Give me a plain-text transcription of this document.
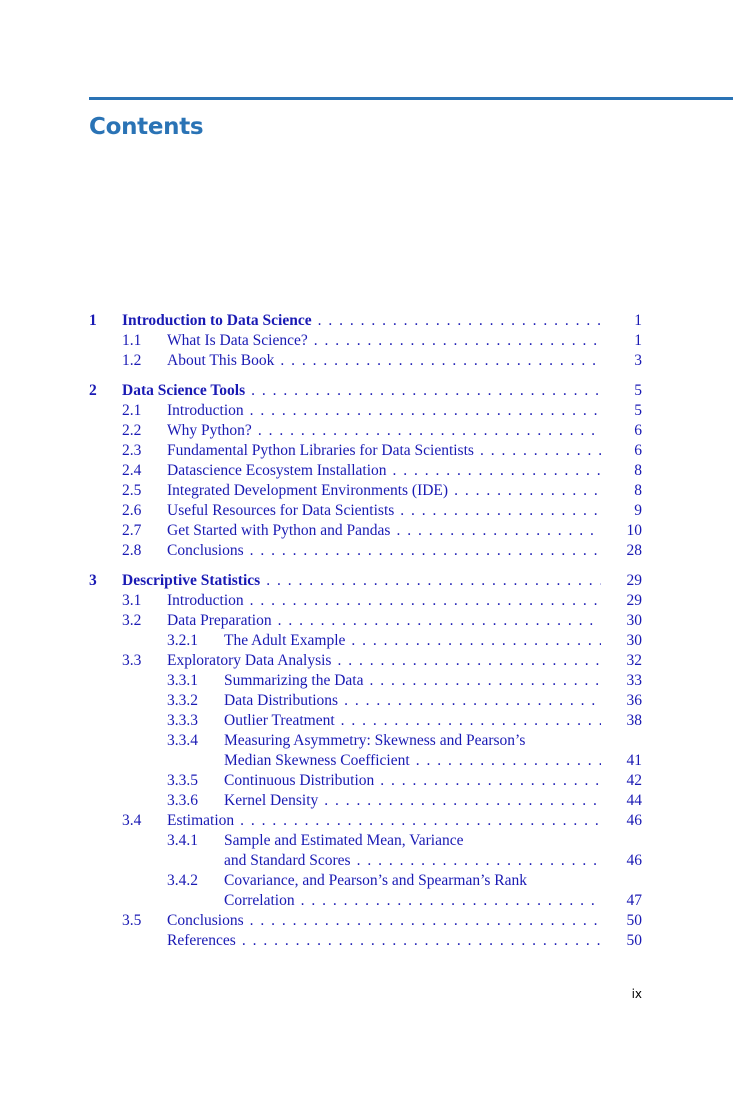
Contents
1 Introduction to Data Science . . .	1
1.1 What Is Data Science? . . .	1
1.2 About This Book . . .	3
2 Data Science Tools . . .	5
2.1 Introduction . . .	5
2.2 Why Python? . . .	6
2.3 Fundamental Python Libraries for Data Scientists . . .	6
2.4 Datascience Ecosystem Installation . . .	8
2.5 Integrated Development Environments (IDE) . . .	8
2.6 Useful Resources for Data Scientists . . .	9
2.7 Get Started with Python and Pandas . . .	10
2.8 Conclusions . . .	28
3 Descriptive Statistics . . .	29
3.1 Introduction . . .	29
3.2 Data Preparation . . .	30
3.2.1 The Adult Example . . .	30
3.3 Exploratory Data Analysis . . .	32
3.3.1 Summarizing the Data . . .	33
3.3.2 Data Distributions . . .	36
3.3.3 Outlier Treatment . . .	38
3.3.4 Measuring Asymmetry: Skewness and Pearson’s
Median Skewness Coefficient . . .	41
3.3.5 Continuous Distribution . . .	42
3.3.6 Kernel Density . . .	44
3.4 Estimation . . .	46
3.4.1 Sample and Estimated Mean, Variance
and Standard Scores . . .	46
3.4.2 Covariance, and Pearson’s and Spearman’s Rank
Correlation . . .	47
3.5 Conclusions . . .	50
References . . .	50
ix
